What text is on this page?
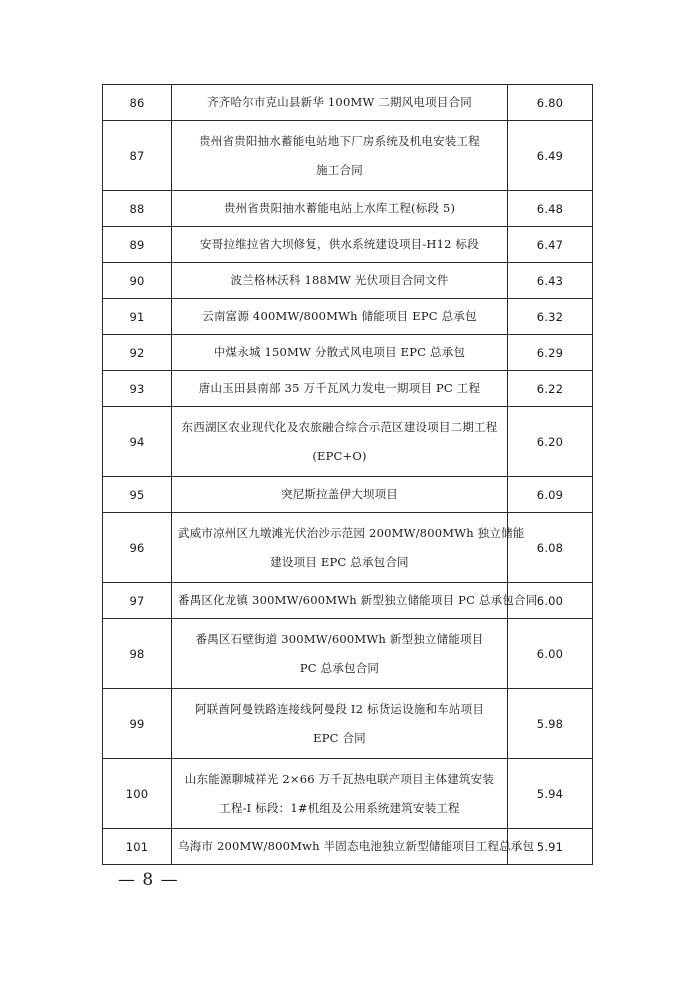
86	齐齐哈尔市克山县新华 100MW 二期风电项目合同	6.80
87	贵州省贵阳抽水蓄能电站地下厂房系统及机电安装工程
施工合同	6.49
88	贵州省贵阳抽水蓄能电站上水库工程(标段 5)	6.48
89	安哥拉维拉省大坝修复，供水系统建设项目-H12 标段	6.47
90	波兰格林沃科 188MW 光伏项目合同文件	6.43
91	云南富源 400MW/800MWh 储能项目 EPC 总承包	6.32
92	中煤永城 150MW 分散式风电项目 EPC 总承包	6.29
93	唐山玉田县南部 35 万千瓦风力发电一期项目 PC 工程	6.22
94	东西湖区农业现代化及农旅融合综合示范区建设项目二期工程
(EPC+O)	6.20
95	突尼斯拉盖伊大坝项目	6.09
96	武威市凉州区九墩滩光伏治沙示范园 200MW/800MWh 独立储能
建设项目 EPC 总承包合同	6.08
97	番禺区化龙镇 300MW/600MWh 新型独立储能项目 PC 总承包合同	6.00
98	番禺区石壁街道 300MW/600MWh 新型独立储能项目
PC 总承包合同	6.00
99	阿联酋阿曼铁路连接线阿曼段 I2 标货运设施和车站项目
EPC 合同	5.98
100	山东能源聊城祥光 2×66 万千瓦热电联产项目主体建筑安装
工程-I 标段：1#机组及公用系统建筑安装工程	5.94
101	乌海市 200MW/800Mwh 半固态电池独立新型储能项目工程总承包	5.91
— 8 —
